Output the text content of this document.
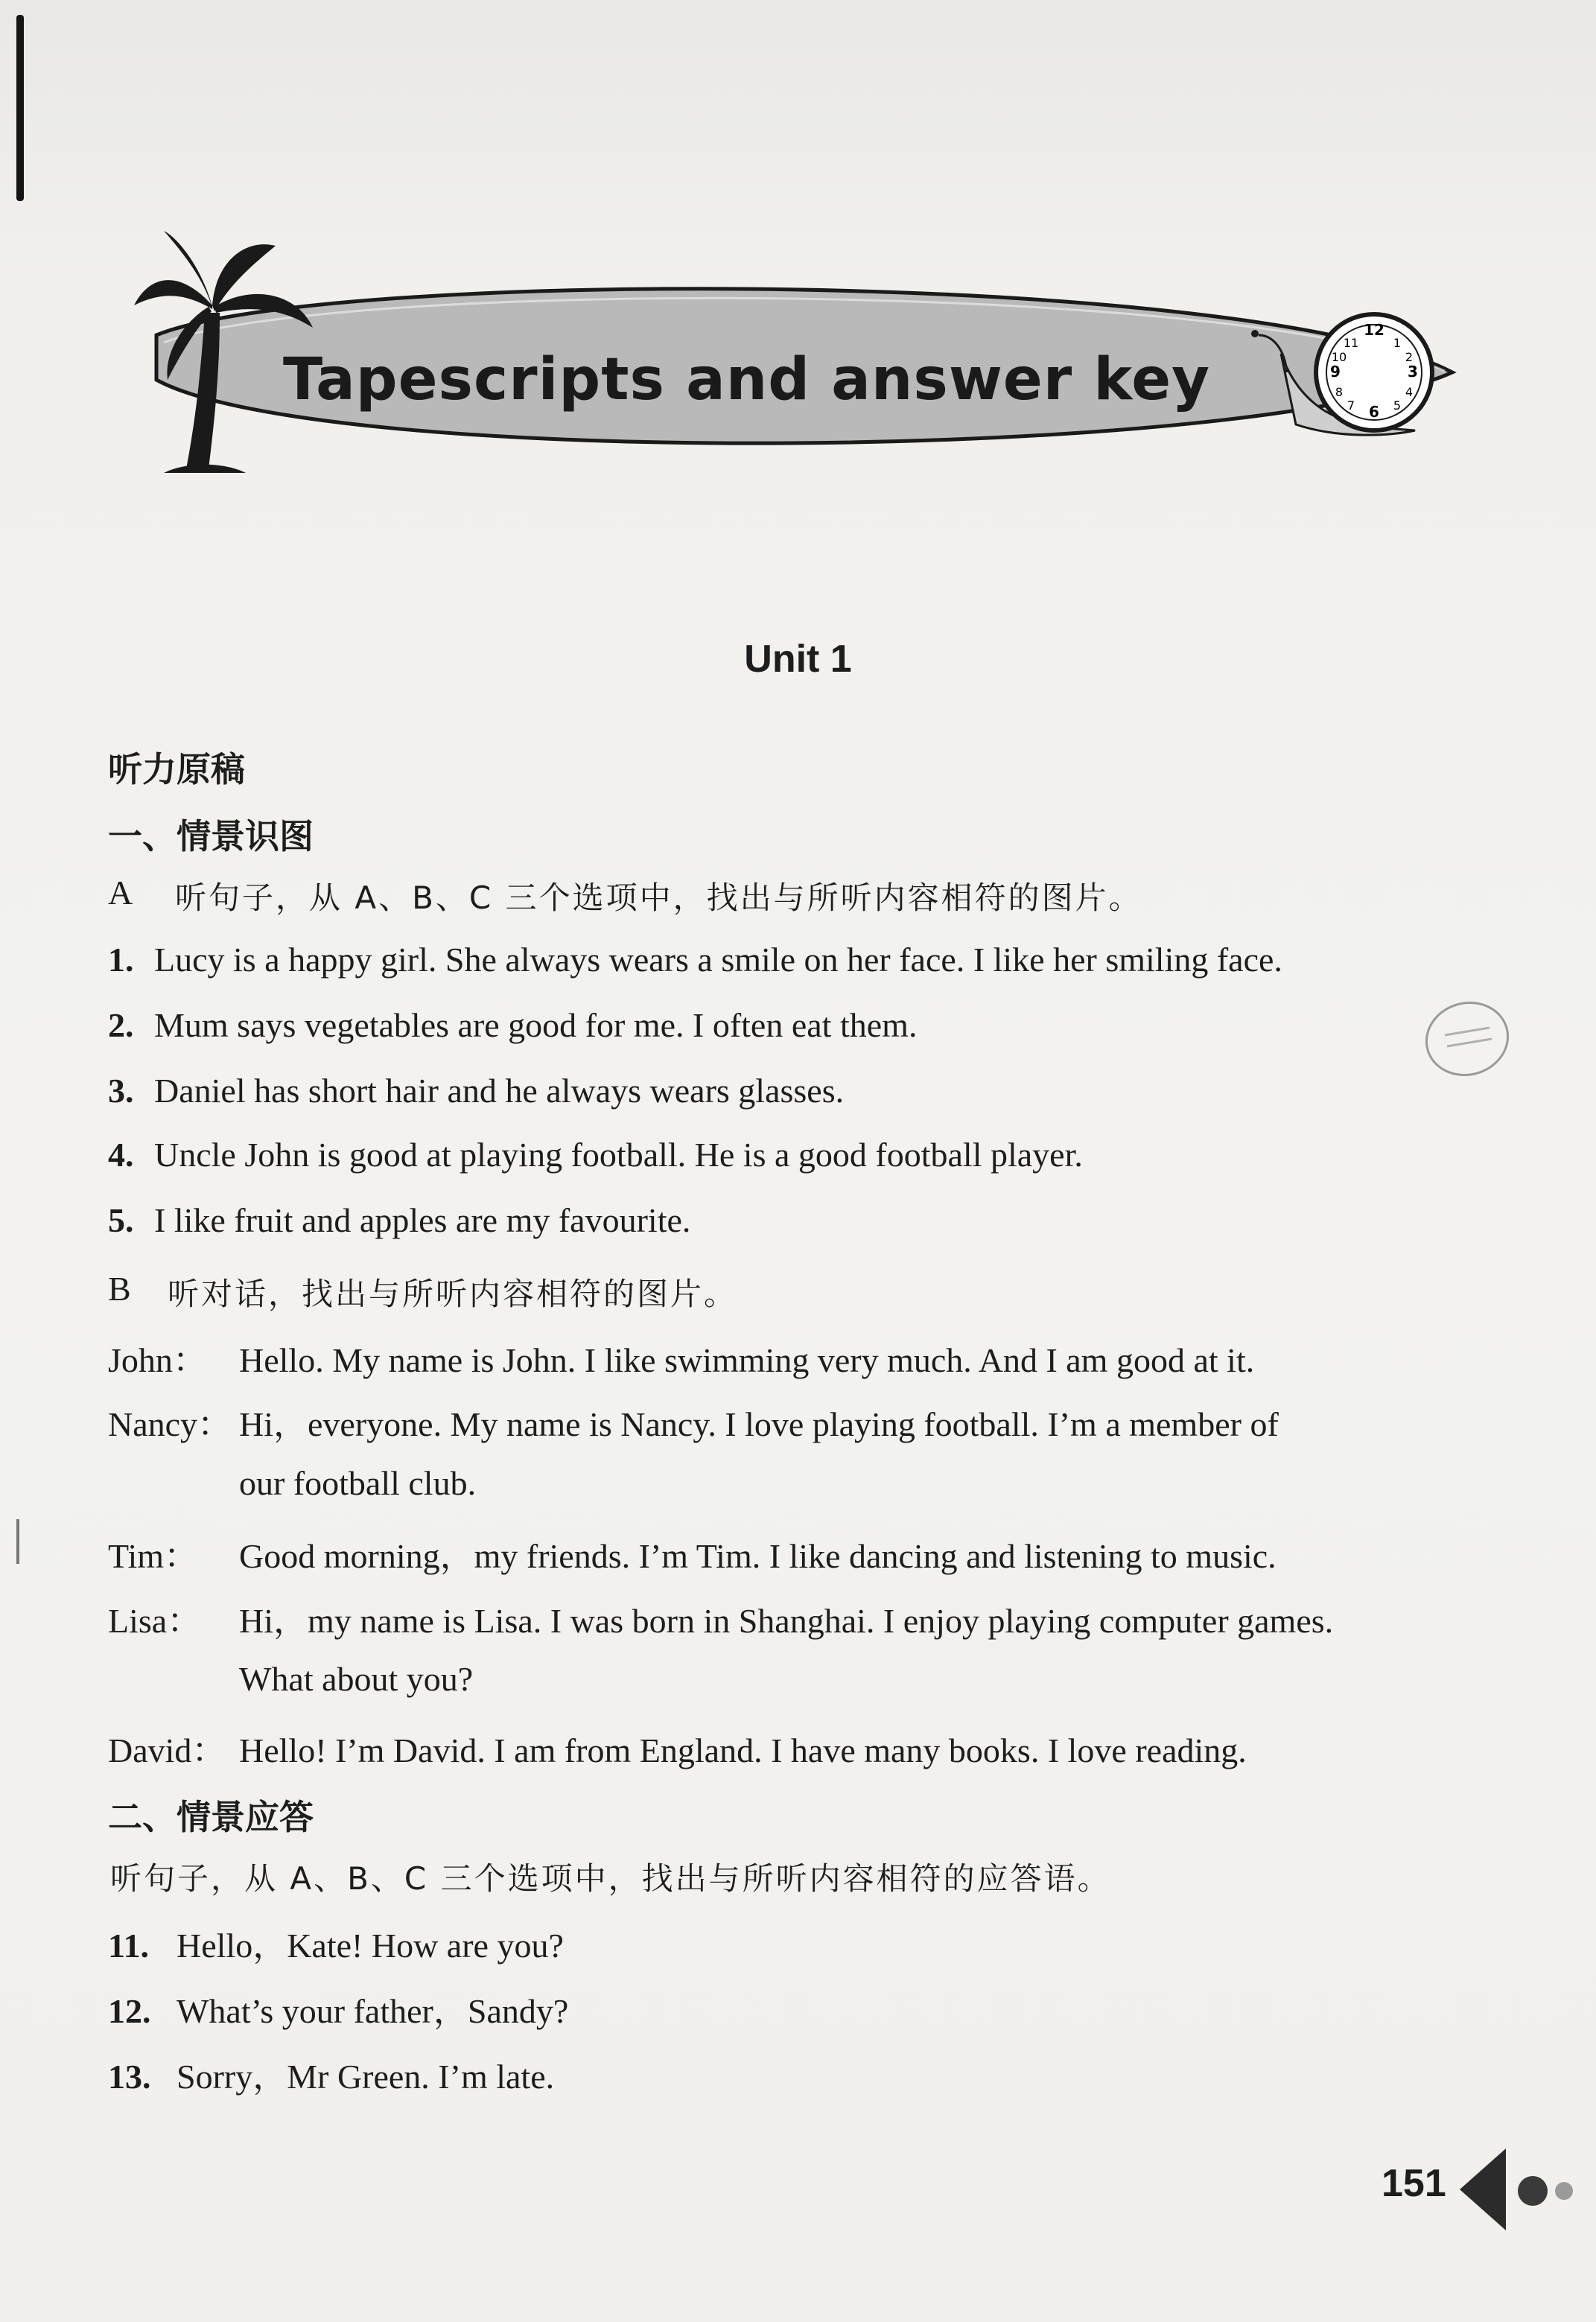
12
3
6
9
1
2
11
10
4
5
7
8
Tapescripts and answer key
Unit 1
听力原稿
一、情景识图
A 听句子，从 A、B、C 三个选项中，找出与所听内容相符的图片。
1. Lucy is a happy girl. She always wears a smile on her face. I like her smiling face.
2. Mum says vegetables are good for me. I often eat them.
3. Daniel has short hair and he always wears glasses.
4. Uncle John is good at playing football. He is a good football player.
5. I like fruit and apples are my favourite.
B 听对话，找出与所听内容相符的图片。
John： Hello. My name is John. I like swimming very much. And I am good at it.
Nancy： Hi，everyone. My name is Nancy. I love playing football. I’m a member of
our football club.
Tim： Good morning，my friends. I’m Tim. I like dancing and listening to music.
Lisa： Hi，my name is Lisa. I was born in Shanghai. I enjoy playing computer games.
What about you?
David： Hello! I’m David. I am from England. I have many books. I love reading.
二、情景应答
听句子，从 A、B、C 三个选项中，找出与所听内容相符的应答语。
11. Hello，Kate! How are you?
12. What’s your father，Sandy?
13. Sorry，Mr Green. I’m late.
151
